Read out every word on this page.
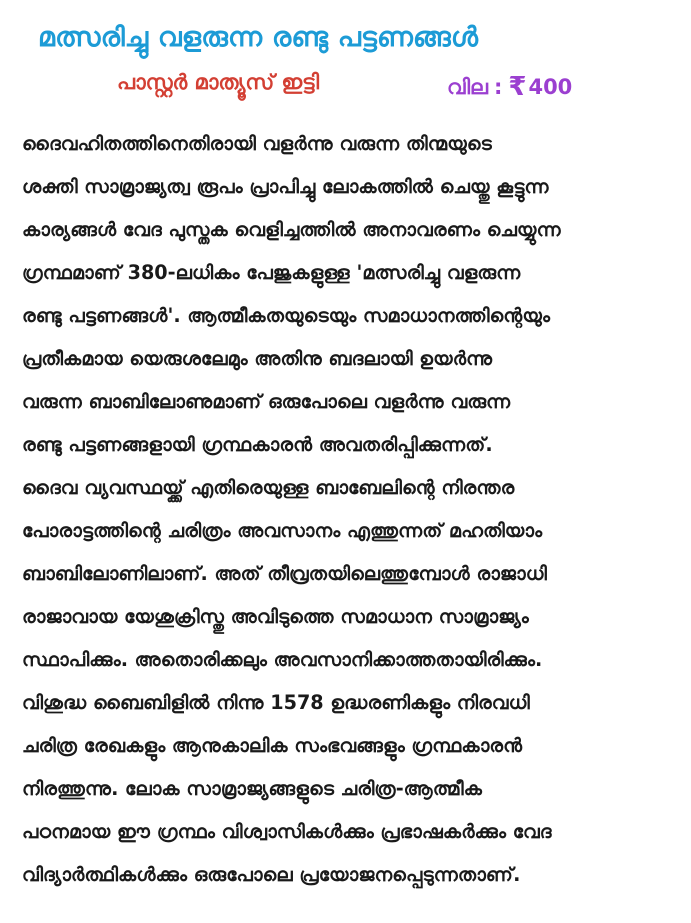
മത്സരിച്ചു വളരുന്ന രണ്ടു പട്ടണങ്ങൾ
പാസ്റ്റർ മാത്യൂസ് ഇട്ടി	വില : ₹400
ദൈവഹിതത്തിനെതിരായി വളർന്നു വരുന്ന തിന്മയുടെ
ശക്തി സാമ്രാജ്യത്വ രൂപം പ്രാപിച്ചു ലോകത്തിൽ ചെയ്തു കൂട്ടുന്ന
കാര്യങ്ങൾ വേദ പുസ്തക വെളിച്ചത്തിൽ അനാവരണം ചെയ്യുന്ന
ഗ്രന്ഥമാണ് 380-ലധികം പേജുകളുള്ള 'മത്സരിച്ചു വളരുന്ന
രണ്ടു പട്ടണങ്ങൾ'. ആത്മീകതയുടെയും സമാധാനത്തിന്റെയും
പ്രതീകമായ യെരുശലേമും അതിനു ബദലായി ഉയർന്നു
വരുന്ന ബാബിലോണുമാണ് ഒരുപോലെ വളർന്നു വരുന്ന
രണ്ടു പട്ടണങ്ങളായി ഗ്രന്ഥകാരൻ അവതരിപ്പിക്കുന്നത്.
ദൈവ വ്യവസ്ഥയ്ക്ക് എതിരെയുള്ള ബാബേലിന്റെ നിരന്തര
പോരാട്ടത്തിന്റെ ചരിത്രം അവസാനം എത്തുന്നത് മഹതിയാം
ബാബിലോണിലാണ്. അത് തീവ്രതയിലെത്തുമ്പോൾ രാജാധി
രാജാവായ യേശുക്രിസ്തു അവിടുത്തെ സമാധാന സാമ്രാജ്യം
സ്ഥാപിക്കും. അതൊരിക്കലും അവസാനിക്കാത്തതായിരിക്കും.
വിശുദ്ധ ബൈബിളിൽ നിന്നു 1578 ഉദ്ധരണികളും നിരവധി
ചരിത്ര രേഖകളും ആനുകാലിക സംഭവങ്ങളും ഗ്രന്ഥകാരൻ
നിരത്തുന്നു. ലോക സാമ്രാജ്യങ്ങളുടെ ചരിത്ര-ആത്മീക
പഠനമായ ഈ ഗ്രന്ഥം വിശ്വാസികൾക്കും പ്രഭാഷകർക്കും വേദ
വിദ്യാർത്ഥികൾക്കും ഒരുപോലെ പ്രയോജനപ്പെടുന്നതാണ്.
